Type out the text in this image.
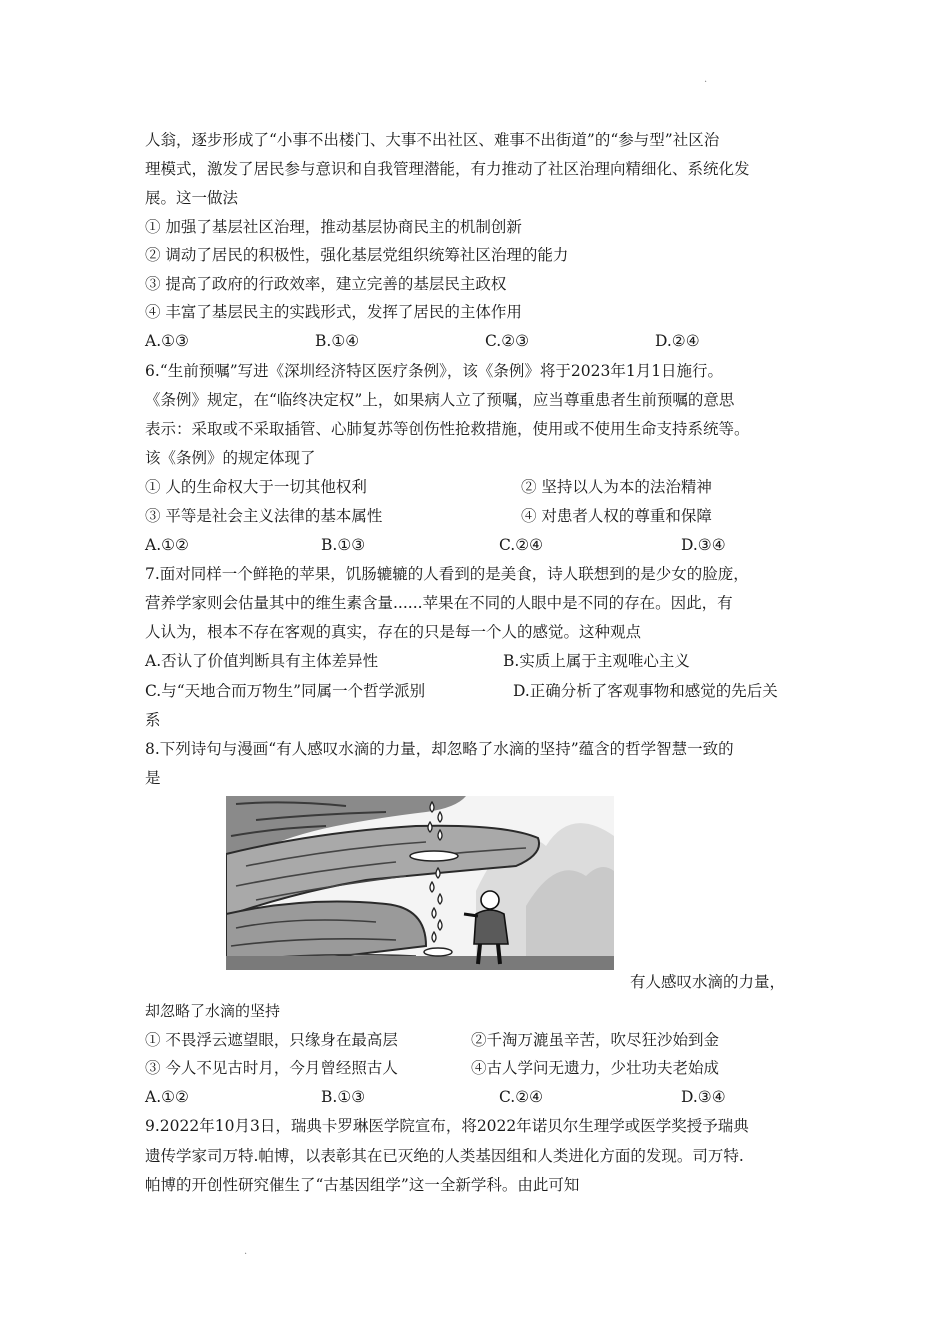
.
人翁，逐步形成了“小事不出楼门、大事不出社区、难事不出街道”的“参与型”社区治
理模式，激发了居民参与意识和自我管理潜能，有力推动了社区治理向精细化、系统化发
展。这一做法
① 加强了基层社区治理，推动基层协商民主的机制创新
② 调动了居民的积极性，强化基层党组织统筹社区治理的能力
③ 提高了政府的行政效率，建立完善的基层民主政权
④ 丰富了基层民主的实践形式，发挥了居民的主体作用
A.①③	B.①④	C.②③	D.②④
6.“生前预嘱”写进《深圳经济特区医疗条例》，该《条例》将于2023年1月1日施行。
《条例》规定，在“临终决定权”上，如果病人立了预嘱，应当尊重患者生前预嘱的意思
表示：采取或不采取插管、心肺复苏等创伤性抢救措施，使用或不使用生命支持系统等。
该《条例》的规定体现了
① 人的生命权大于一切其他权利	② 坚持以人为本的法治精神
③ 平等是社会主义法律的基本属性	④ 对患者人权的尊重和保障
A.①②	B.①③	C.②④	D.③④
7.面对同样一个鲜艳的苹果，饥肠辘辘的人看到的是美食，诗人联想到的是少女的脸庞，
营养学家则会估量其中的维生素含量......苹果在不同的人眼中是不同的存在。因此，有
人认为，根本不存在客观的真实，存在的只是每一个人的感觉。这种观点
A.否认了价值判断具有主体差异性	B.实质上属于主观唯心主义
C.与“天地合而万物生”同属一个哲学派别	D.正确分析了客观事物和感觉的先后关
系
8.下列诗句与漫画“有人感叹水滴的力量，却忽略了水滴的坚持”蕴含的哲学智慧一致的
是
有人感叹水滴的力量，
却忽略了水滴的坚持
① 不畏浮云遮望眼，只缘身在最高层	②千淘万漉虽辛苦，吹尽狂沙始到金
③ 今人不见古时月，今月曾经照古人	④古人学问无遗力，少壮功夫老始成
A.①②	B.①③	C.②④	D.③④
9.2022年10月3日，瑞典卡罗琳医学院宣布，将2022年诺贝尔生理学或医学奖授予瑞典
遗传学家司万特.帕博，以表彰其在已灭绝的人类基因组和人类进化方面的发现。司万特.
帕博的开创性研究催生了“古基因组学”这一全新学科。由此可知
.
